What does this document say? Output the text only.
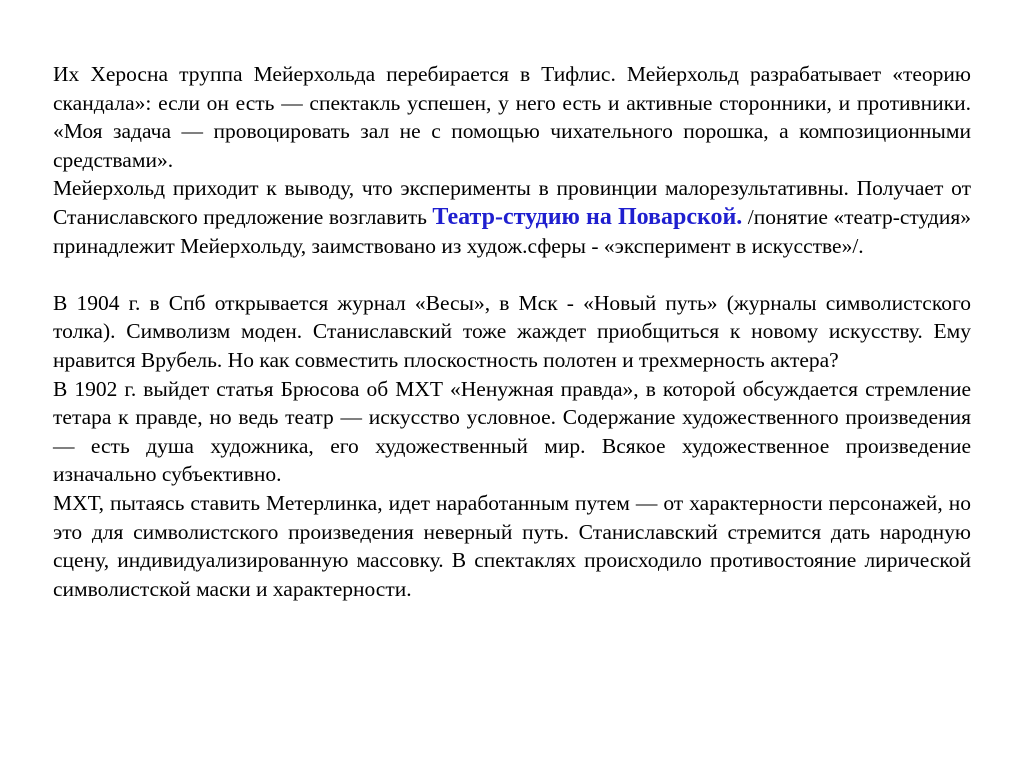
Их Херосна труппа Мейерхольда перебирается в Тифлис. Мейерхольд разрабатывает «теорию скандала»: если он есть — спектакль успешен, у него есть и активные сторонники, и противники. «Моя задача — провоцировать зал не с помощью чихательного порошка, а композиционными средствами».

Мейерхольд приходит к выводу, что эксперименты в провинции малорезультативны. Получает от Станиславского предложение возглавить Театр-студию на Поварской. /понятие «театр-студия» принадлежит Мейерхольду, заимствовано из худож.сферы - «эксперимент в искусстве»/.

В 1904 г. в Спб открывается журнал «Весы», в Мск - «Новый путь» (журналы символистского толка). Символизм моден. Станиславский тоже жаждет приобщиться к новому искусству. Ему нравится Врубель. Но как совместить плоскостность полотен и трехмерность актера?

В 1902 г. выйдет статья Брюсова об МХТ «Ненужная правда», в которой обсуждается стремление тетара к правде, но ведь театр — искусство условное. Содержание художественного произведения — есть душа художника, его художественный мир. Всякое художественное произведение изначально субъективно.

МХТ, пытаясь ставить Метерлинка, идет наработанным путем — от характерности персонажей, но это для символистского произведения неверный путь. Станиславский стремится дать народную сцену, индивидуализированную массовку. В спектаклях происходило противостояние лирической символистской маски и характерности.
